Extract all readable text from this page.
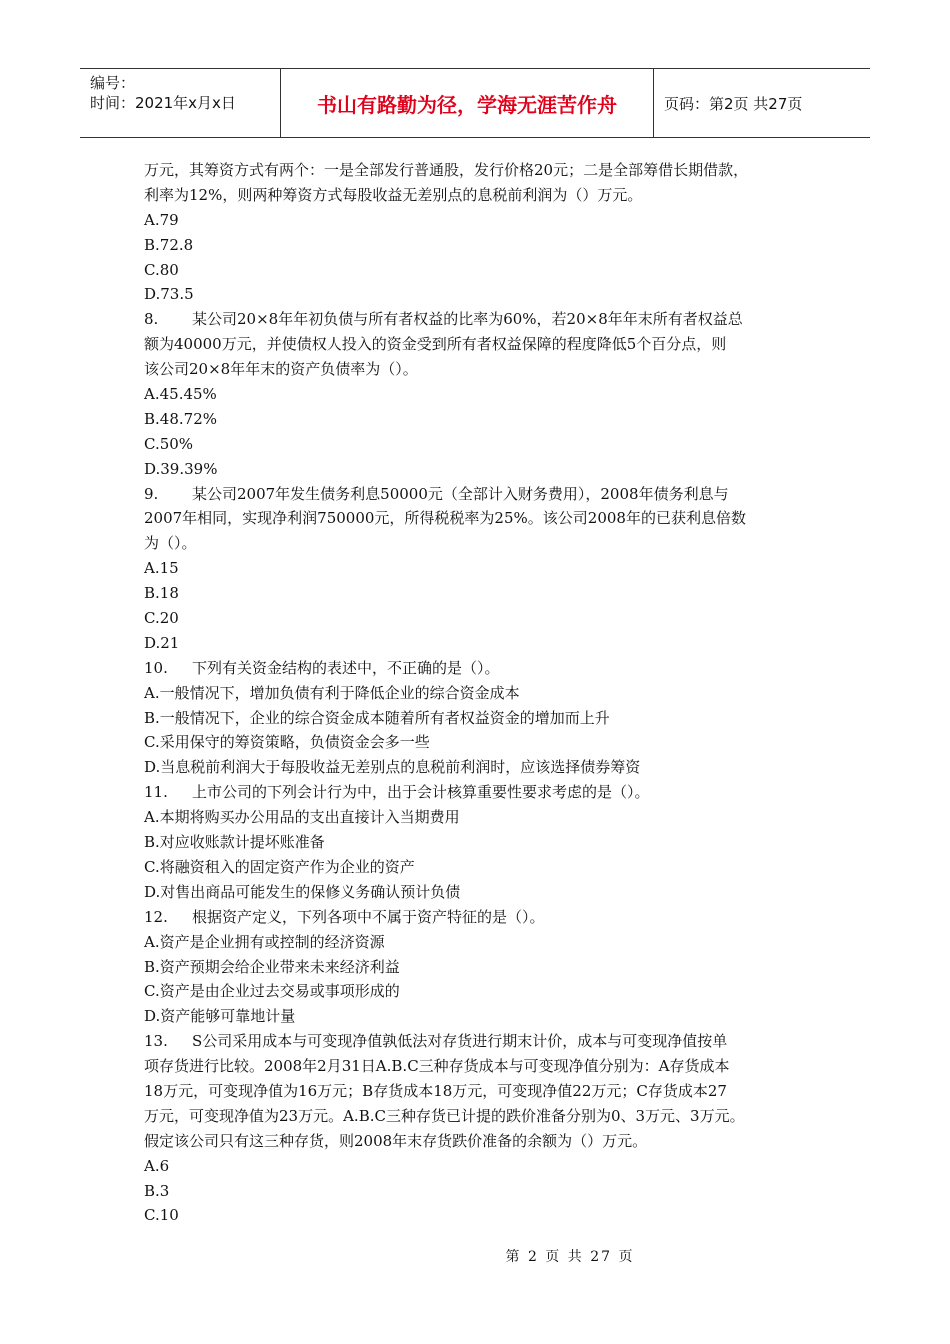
编号：
时间：2021年x月x日	书山有路勤为径，学海无涯苦作舟	页码：第2页 共27页
万元，其筹资方式有两个：一是全部发行普通股，发行价格20元；二是全部筹借长期借款，
利率为12%，则两种筹资方式每股收益无差别点的息税前利润为（）万元。
A.79
B.72.8
C.80
D.73.5
8. 某公司20×8年年初负债与所有者权益的比率为60%，若20×8年年末所有者权益总
额为40000万元，并使债权人投入的资金受到所有者权益保障的程度降低5个百分点，则
该公司20×8年年末的资产负债率为（）。
A.45.45%
B.48.72%
C.50%
D.39.39%
9. 某公司2007年发生债务利息50000元（全部计入财务费用），2008年债务利息与
2007年相同，实现净利润750000元，所得税税率为25%。该公司2008年的已获利息倍数
为（）。
A.15
B.18
C.20
D.21
10. 下列有关资金结构的表述中，不正确的是（）。
A.一般情况下，增加负债有利于降低企业的综合资金成本
B.一般情况下，企业的综合资金成本随着所有者权益资金的增加而上升
C.采用保守的筹资策略，负债资金会多一些
D.当息税前利润大于每股收益无差别点的息税前利润时，应该选择债券筹资
11. 上市公司的下列会计行为中，出于会计核算重要性要求考虑的是（）。
A.本期将购买办公用品的支出直接计入当期费用
B.对应收账款计提坏账准备
C.将融资租入的固定资产作为企业的资产
D.对售出商品可能发生的保修义务确认预计负债
12. 根据资产定义，下列各项中不属于资产特征的是（）。
A.资产是企业拥有或控制的经济资源
B.资产预期会给企业带来未来经济利益
C.资产是由企业过去交易或事项形成的
D.资产能够可靠地计量
13. S公司采用成本与可变现净值孰低法对存货进行期末计价，成本与可变现净值按单
项存货进行比较。2008年2月31日A.B.C三种存货成本与可变现净值分别为：A存货成本
18万元，可变现净值为16万元；B存货成本18万元，可变现净值22万元；C存货成本27
万元，可变现净值为23万元。A.B.C三种存货已计提的跌价准备分别为0、3万元、3万元。
假定该公司只有这三种存货，则2008年末存货跌价准备的余额为（）万元。
A.6
B.3
C.10
第 2 页 共 27 页
